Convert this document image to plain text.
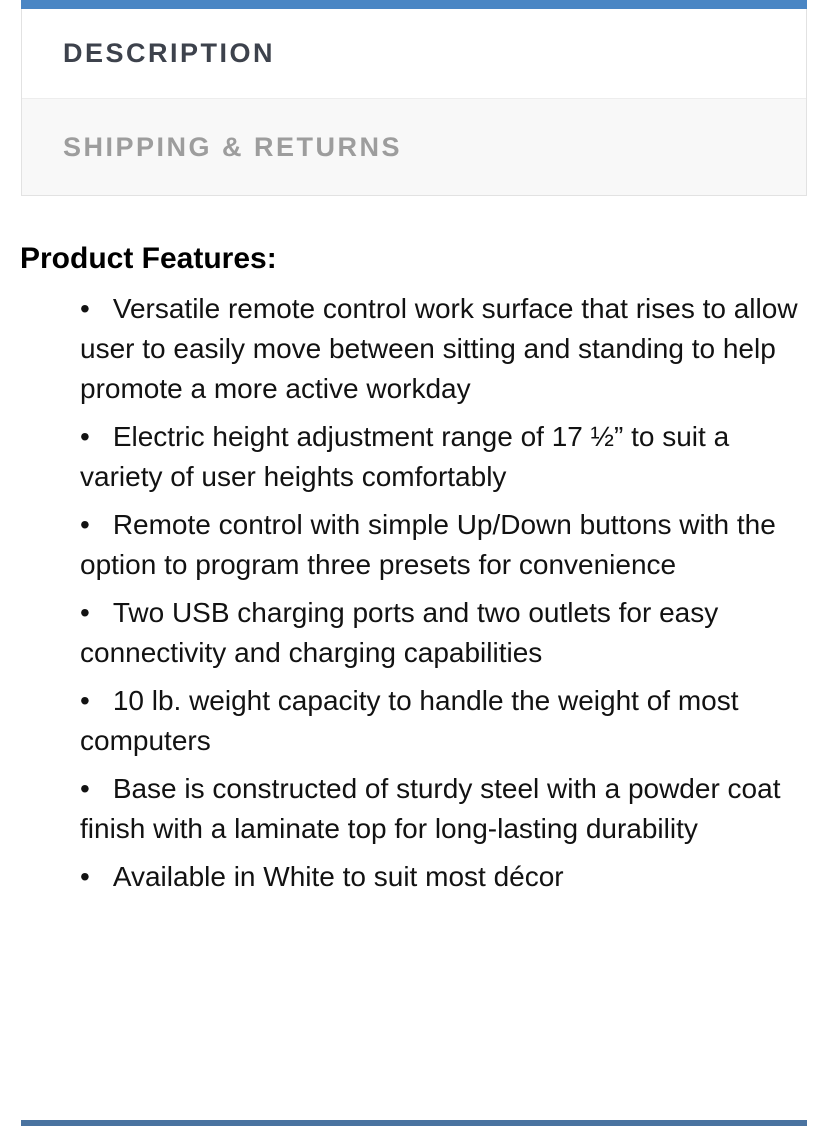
DESCRIPTION
SHIPPING & RETURNS
Product Features:
• Versatile remote control work surface that rises to allow user to easily move between sitting and standing to help promote a more active workday
• Electric height adjustment range of 17 ½” to suit a variety of user heights comfortably
• Remote control with simple Up/Down buttons with the option to program three presets for convenience
• Two USB charging ports and two outlets for easy connectivity and charging capabilities
• 10 lb. weight capacity to handle the weight of most computers
• Base is constructed of sturdy steel with a powder coat finish with a laminate top for long-lasting durability
• Available in White to suit most décor
